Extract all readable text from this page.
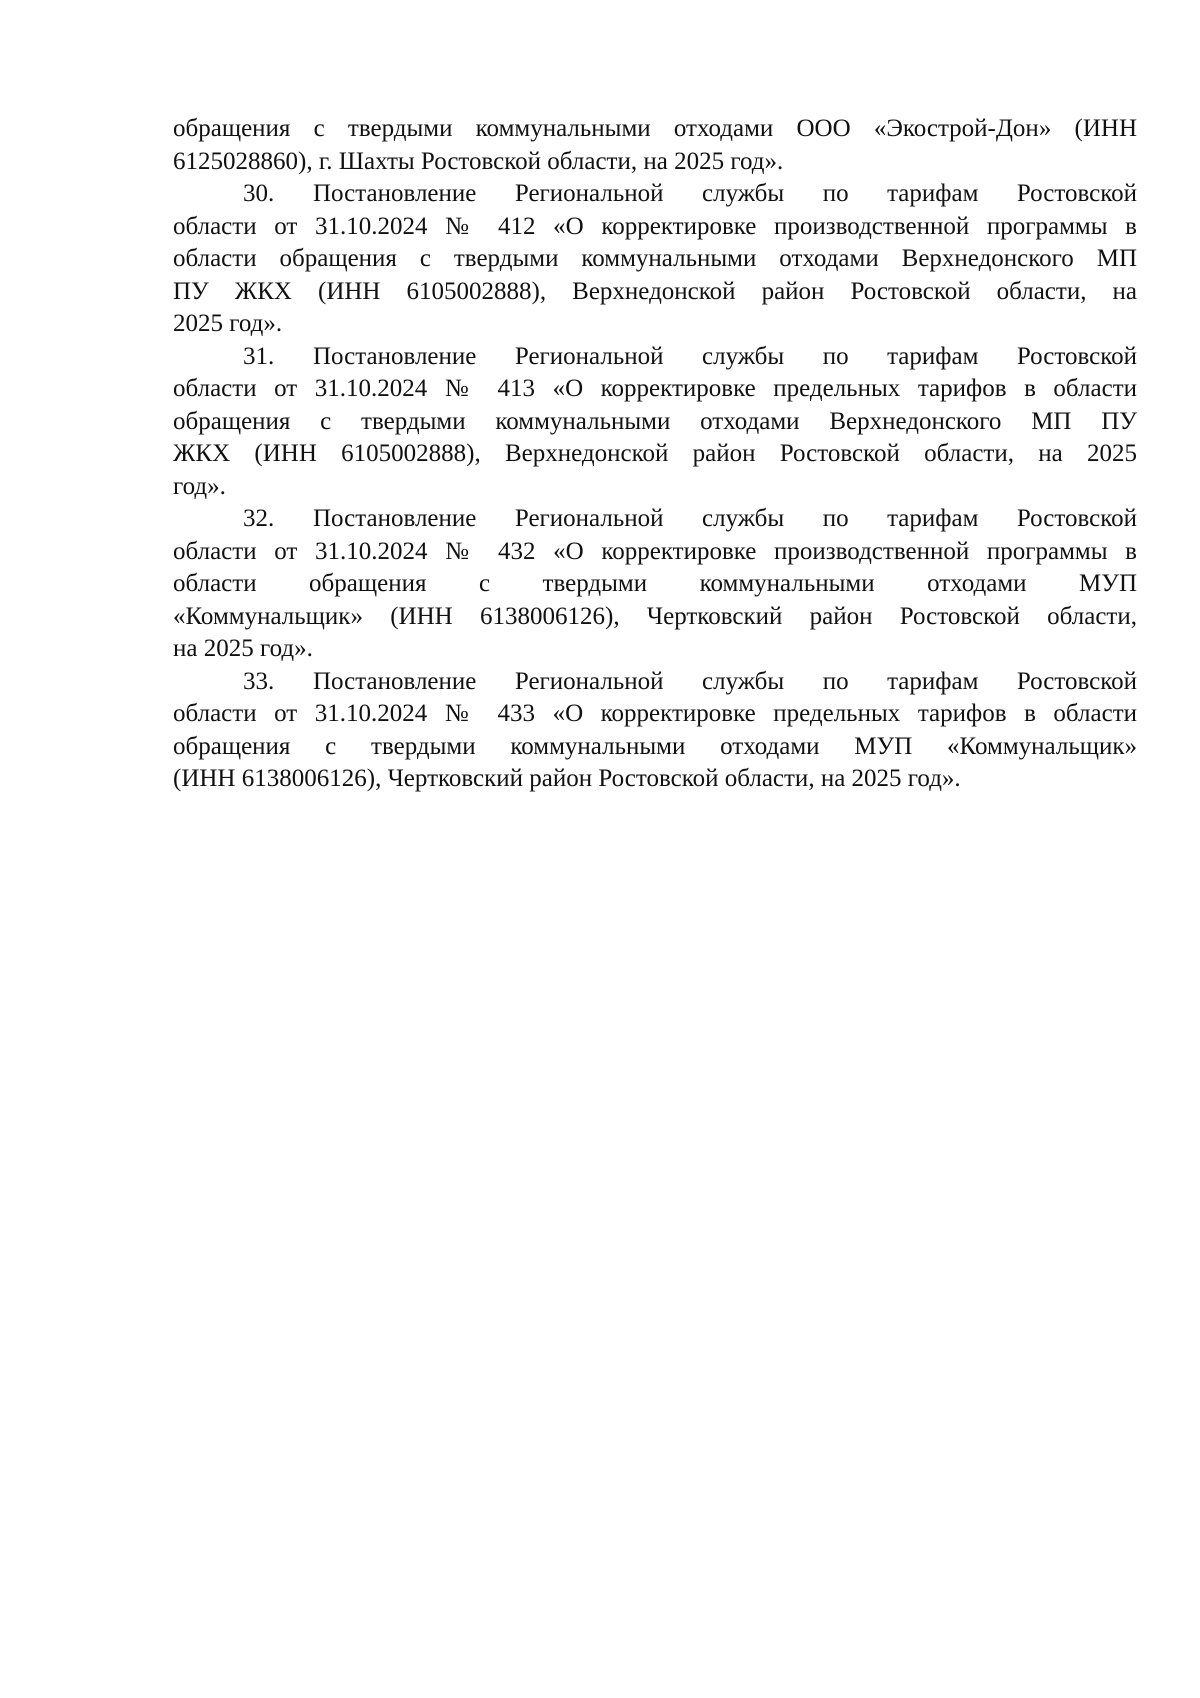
обращения с твердыми коммунальными отходами ООО «Экострой-Дон» (ИНН
6125028860), г. Шахты Ростовской области, на 2025 год».
30. Постановление Региональной службы по тарифам Ростовской
области от 31.10.2024 № 412 «О корректировке производственной программы в
области обращения с твердыми коммунальными отходами Верхнедонского МП
ПУ ЖКХ (ИНН 6105002888), Верхнедонской район Ростовской области, на
2025 год».
31. Постановление Региональной службы по тарифам Ростовской
области от 31.10.2024 № 413 «О корректировке предельных тарифов в области
обращения с твердыми коммунальными отходами Верхнедонского МП ПУ
ЖКХ (ИНН 6105002888), Верхнедонской район Ростовской области, на 2025
год».
32. Постановление Региональной службы по тарифам Ростовской
области от 31.10.2024 № 432 «О корректировке производственной программы в
области обращения с твердыми коммунальными отходами МУП
«Коммунальщик» (ИНН 6138006126), Чертковский район Ростовской области,
на 2025 год».
33. Постановление Региональной службы по тарифам Ростовской
области от 31.10.2024 № 433 «О корректировке предельных тарифов в области
обращения с твердыми коммунальными отходами МУП «Коммунальщик»
(ИНН 6138006126), Чертковский район Ростовской области, на 2025 год».
